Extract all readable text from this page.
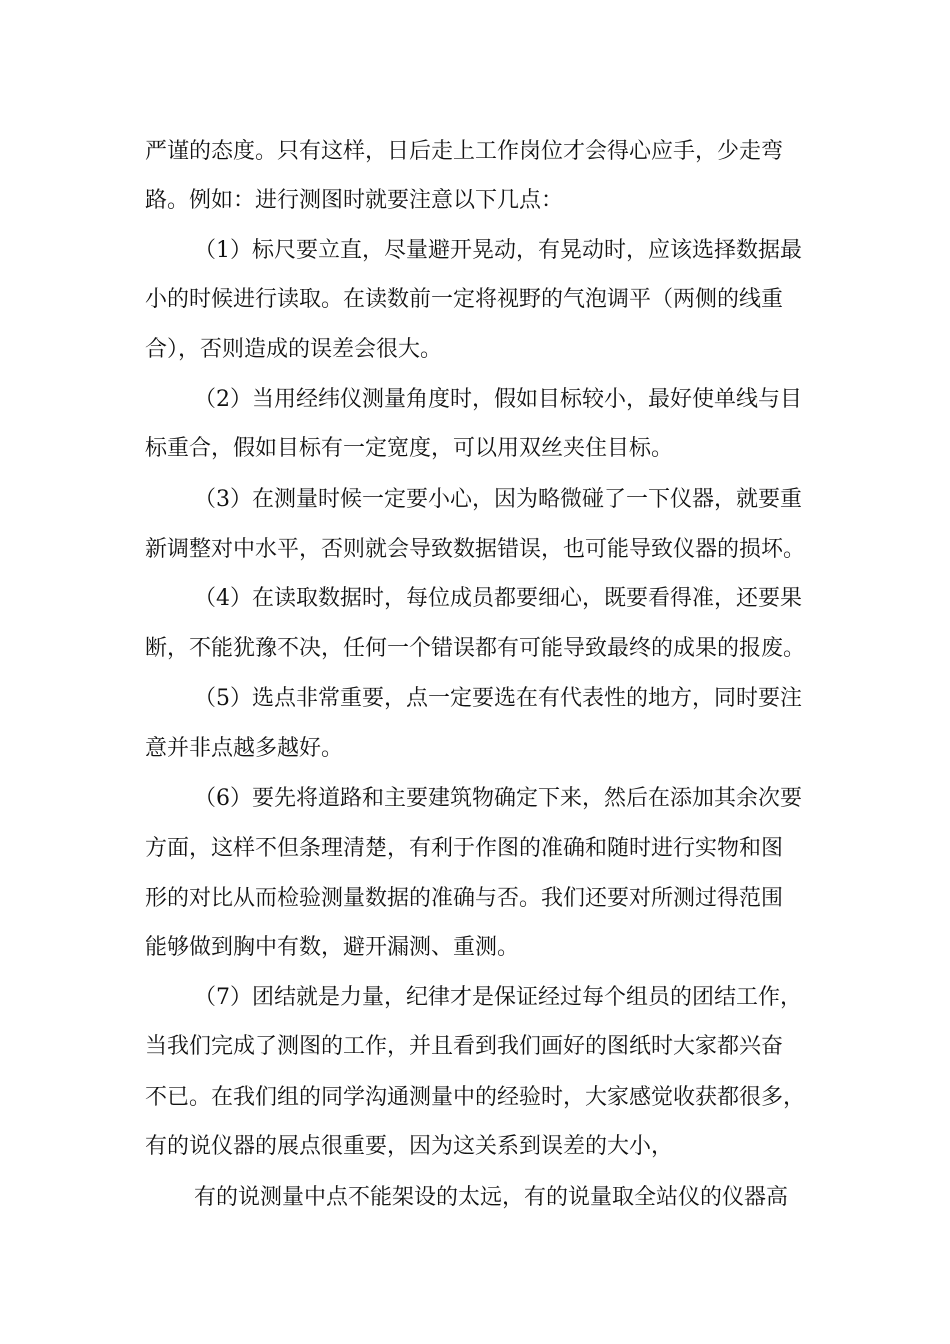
严谨的态度。只有这样，日后走上工作岗位才会得心应手，少走弯

路。例如：进行测图时就要注意以下几点：

（1）标尺要立直，尽量避开晃动，有晃动时，应该选择数据最

小的时候进行读取。在读数前一定将视野的气泡调平（两侧的线重

合），否则造成的误差会很大。

（2）当用经纬仪测量角度时，假如目标较小，最好使单线与目

标重合，假如目标有一定宽度，可以用双丝夹住目标。

（3）在测量时候一定要小心，因为略微碰了一下仪器，就要重

新调整对中水平，否则就会导致数据错误，也可能导致仪器的损坏。

（4）在读取数据时，每位成员都要细心，既要看得准，还要果

断，不能犹豫不决，任何一个错误都有可能导致最终的成果的报废。

（5）选点非常重要，点一定要选在有代表性的地方，同时要注

意并非点越多越好。

（6）要先将道路和主要建筑物确定下来，然后在添加其余次要

方面，这样不但条理清楚，有利于作图的准确和随时进行实物和图

形的对比从而检验测量数据的准确与否。我们还要对所测过得范围

能够做到胸中有数，避开漏测、重测。

（7）团结就是力量，纪律才是保证经过每个组员的团结工作，

当我们完成了测图的工作，并且看到我们画好的图纸时大家都兴奋

不已。在我们组的同学沟通测量中的经验时，大家感觉收获都很多，

有的说仪器的展点很重要，因为这关系到误差的大小，

有的说测量中点不能架设的太远，有的说量取全站仪的仪器高
